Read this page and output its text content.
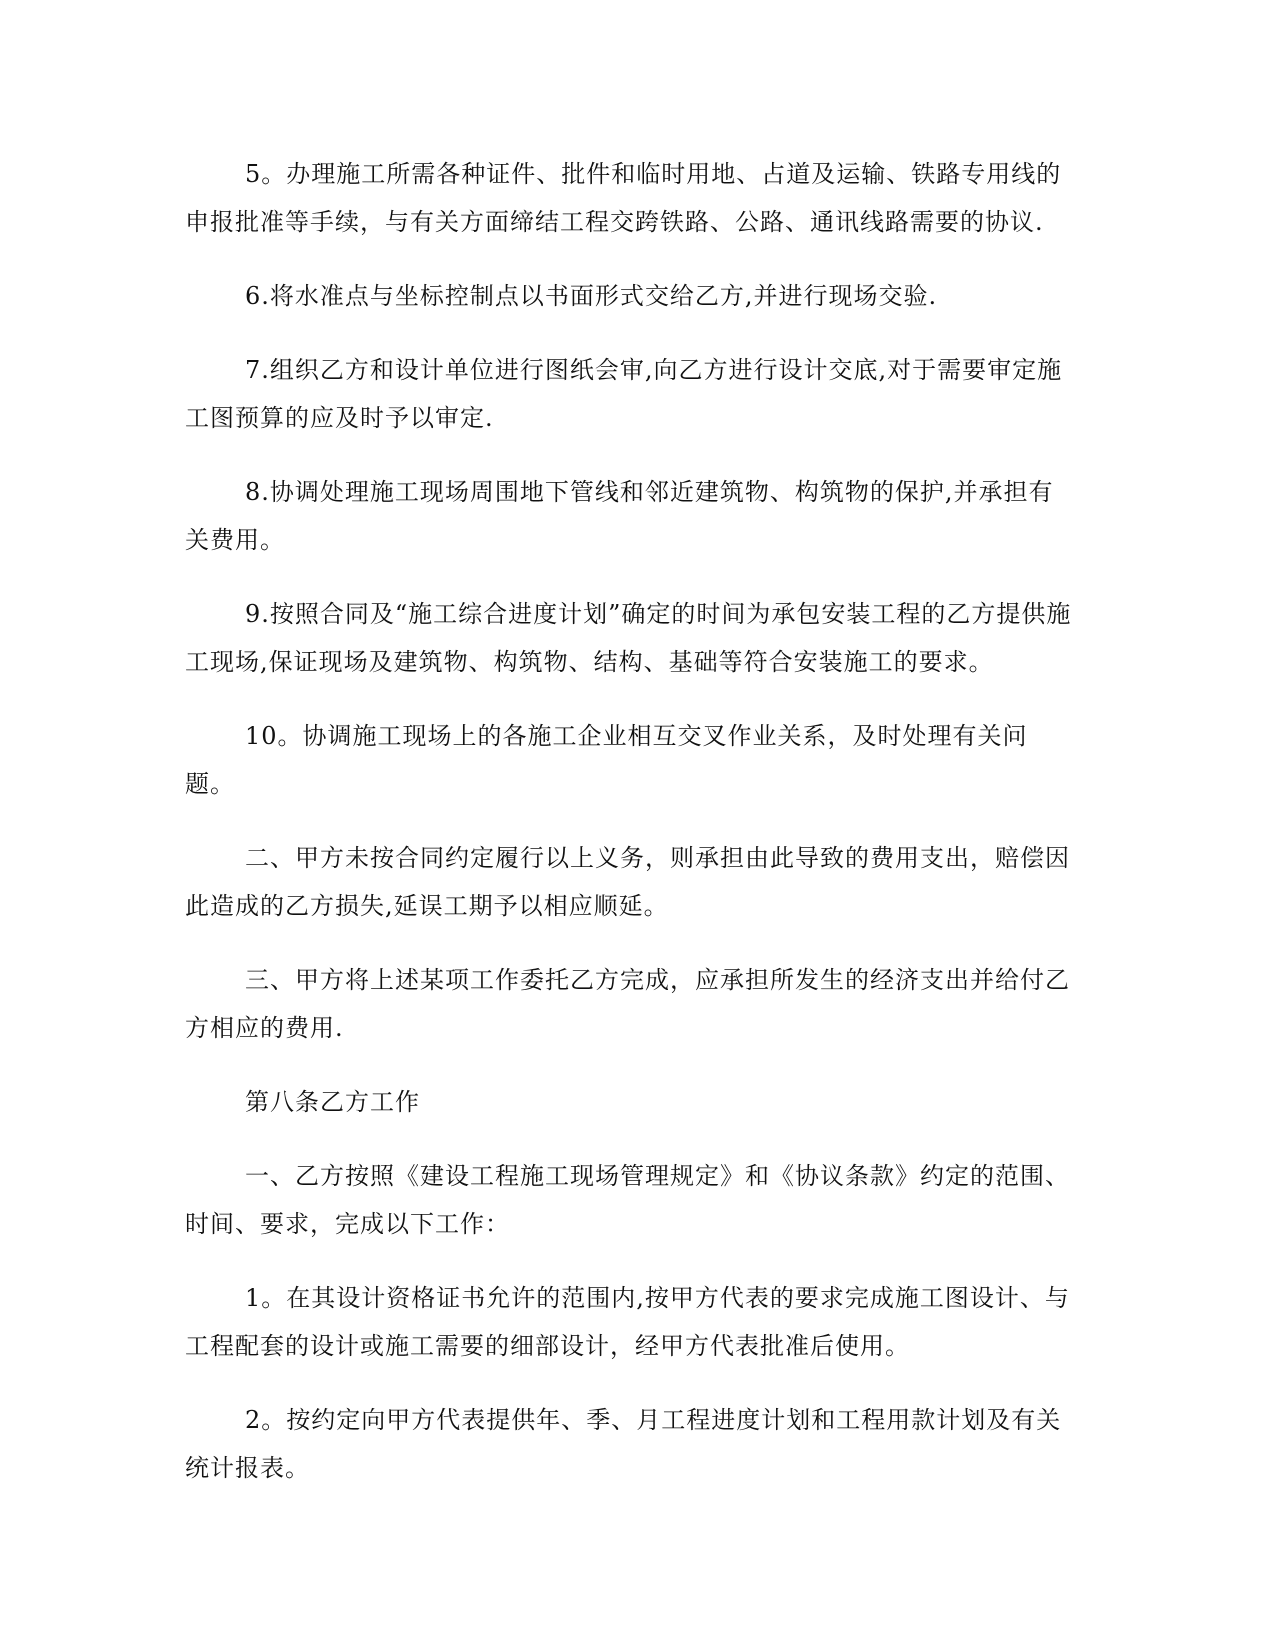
5。办理施工所需各种证件、批件和临时用地、占道及运输、铁路专用线的申报批准等手续，与有关方面缔结工程交跨铁路、公路、通讯线路需要的协议.

6.将水准点与坐标控制点以书面形式交给乙方,并进行现场交验.

7.组织乙方和设计单位进行图纸会审,向乙方进行设计交底,对于需要审定施工图预算的应及时予以审定.

8.协调处理施工现场周围地下管线和邻近建筑物、构筑物的保护,并承担有关费用。

9.按照合同及“施工综合进度计划”确定的时间为承包安装工程的乙方提供施工现场,保证现场及建筑物、构筑物、结构、基础等符合安装施工的要求。

10。协调施工现场上的各施工企业相互交叉作业关系，及时处理有关问题。

二、甲方未按合同约定履行以上义务，则承担由此导致的费用支出，赔偿因此造成的乙方损失,延误工期予以相应顺延。

三、甲方将上述某项工作委托乙方完成，应承担所发生的经济支出并给付乙方相应的费用.

第八条乙方工作

一、乙方按照《建设工程施工现场管理规定》和《协议条款》约定的范围、时间、要求，完成以下工作：

1。在其设计资格证书允许的范围内,按甲方代表的要求完成施工图设计、与工程配套的设计或施工需要的细部设计，经甲方代表批准后使用。

2。按约定向甲方代表提供年、季、月工程进度计划和工程用款计划及有关统计报表。
